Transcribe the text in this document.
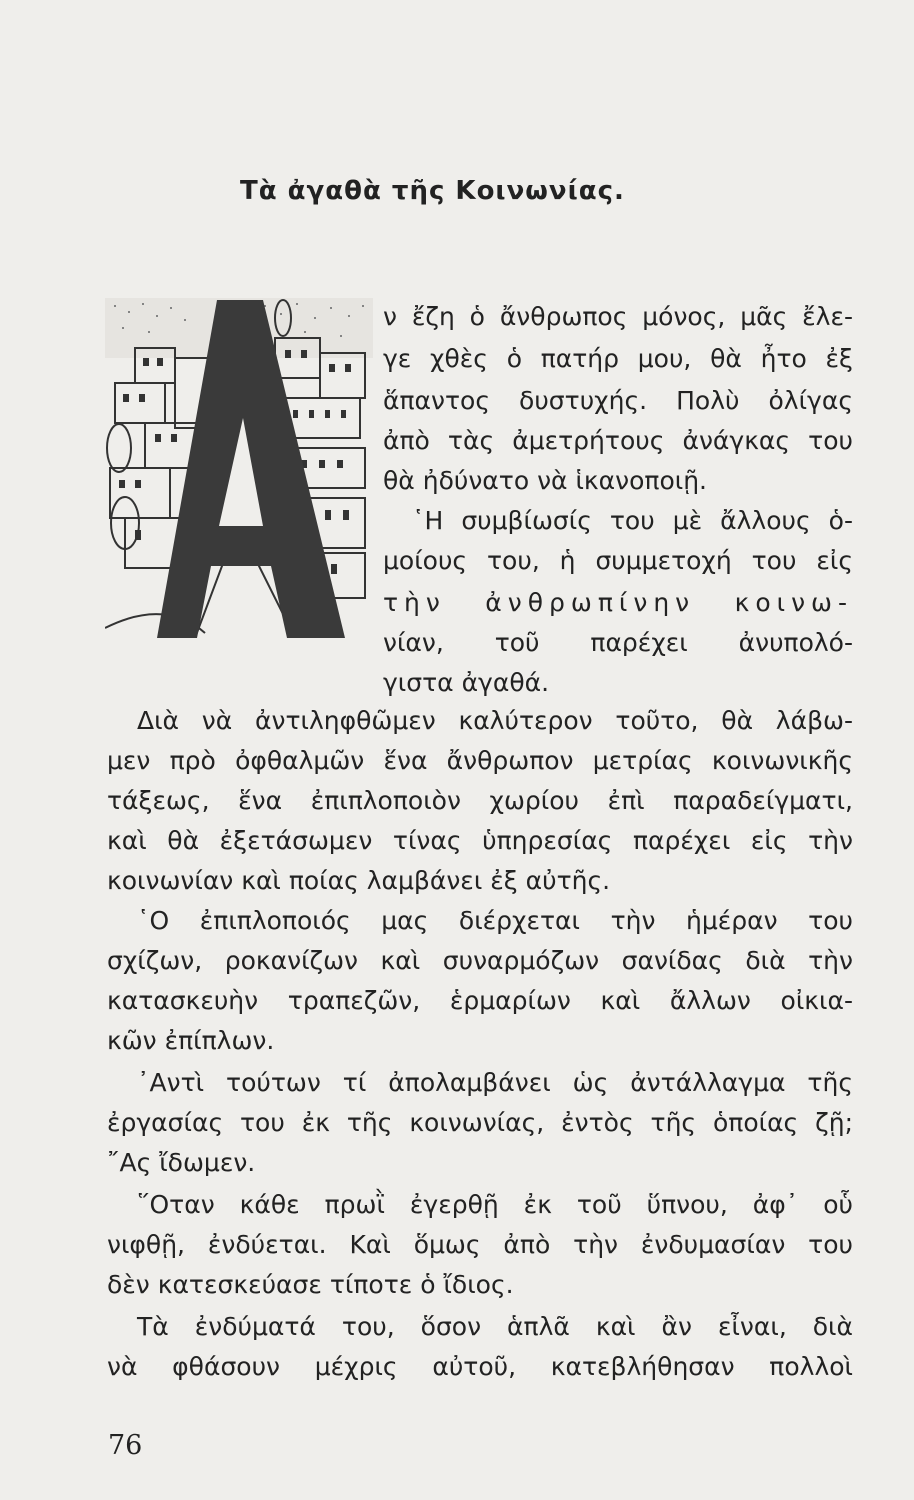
Τὰ ἀγαθὰ τῆς Κοινωνίας.
ν ἔζη ὁ ἄνθρωπος μόνος, μᾶς ἔλε-
γε χθὲς ὁ πατήρ μου, θὰ ἦτο ἐξ
ἅπαντος δυστυχής. Πολὺ ὀλίγας
ἀπὸ τὰς ἀμετρήτους ἀνάγκας του
θὰ ἠδύνατο νὰ ἱκανοποιῇ.
῾Η συμβίωσίς του μὲ ἄλλους ὁ-
μοίους του, ἡ συμμετοχή του εἰς
τὴν ἀνθρωπίνην κοινω-
νίαν, τοῦ παρέχει ἀνυπολό-
γιστα ἀγαθά.
Διὰ νὰ ἀντιληφθῶμεν καλύτερον τοῦτο, θὰ λάβω-
μεν πρὸ ὀφθαλμῶν ἕνα ἄνθρωπον μετρίας κοινωνικῆς
τάξεως, ἕνα ἐπιπλοποιὸν χωρίου ἐπὶ παραδείγματι,
καὶ θὰ ἐξετάσωμεν τίνας ὑπηρεσίας παρέχει εἰς τὴν
κοινωνίαν καὶ ποίας λαμβάνει ἐξ αὐτῆς.
῾Ο ἐπιπλοποιός μας διέρχεται τὴν ἡμέραν του
σχίζων, ροκανίζων καὶ συναρμόζων σανίδας διὰ τὴν
κατασκευὴν τραπεζῶν, ἑρμαρίων καὶ ἄλλων οἰκια-
κῶν ἐπίπλων.
᾿Αντὶ τούτων τί ἀπολαμβάνει ὡς ἀντάλλαγμα τῆς
ἐργασίας του ἐκ τῆς κοινωνίας, ἐντὸς τῆς ὁποίας ζῇ;
῎Ας ἴδωμεν.
῞Οταν κάθε πρωῒ ἐγερθῇ ἐκ τοῦ ὕπνου, ἀφ᾿ οὗ
νιφθῇ, ἐνδύεται. Καὶ ὅμως ἀπὸ τὴν ἐνδυμασίαν του
δὲν κατεσκεύασε τίποτε ὁ ἴδιος.
Τὰ ἐνδύματά του, ὅσον ἁπλᾶ καὶ ἂν εἶναι, διὰ
νὰ φθάσουν μέχρις αὐτοῦ, κατεβλήθησαν πολλοὶ
76
